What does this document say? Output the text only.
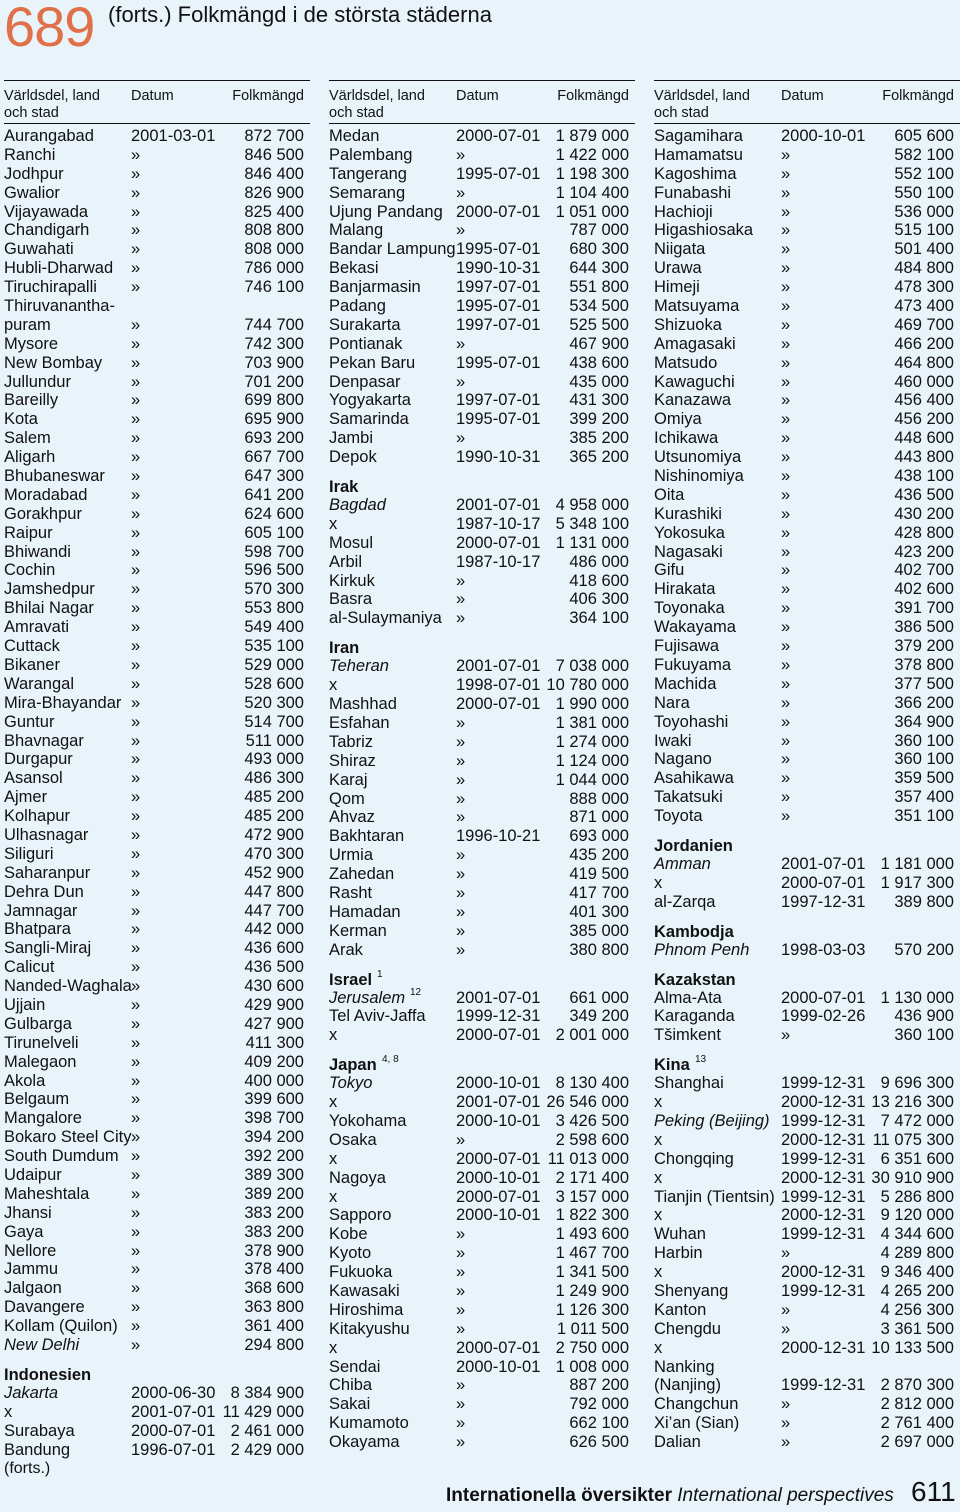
689 (forts.) Folkmängd i de största städerna
Världsdel, land
och stad
Datum
Folkmängd
Aurangabad 2001-03-01 872 700
Ranchi	»	846 500
Jodhpur	»	846 400
Gwalior	»	826 900
Vijayawada	»	825 400
Chandigarh	»	808 800
Guwahati	»	808 000
Hubli-Dharwad »	786 000
Tiruchirapalli »	746 100
Thiruvanantha-
puram	»	744 700
Mysore	»	742 300
New Bombay »	703 900
Jullundur	»	701 200
Bareilly	»	699 800
Kota	»	695 900
Salem	»	693 200
Aligarh	»	667 700
Bhubaneswar »	647 300
Moradabad	»	641 200
Gorakhpur	»	624 600
Raipur	»	605 100
Bhiwandi	»	598 700
Cochin	»	596 500
Jamshedpur »	570 300
Bhilai Nagar »	553 800
Amravati	»	549 400
Cuttack	»	535 100
Bikaner	»	529 000
Warangal	»	528 600
Mira-Bhayandar »	520 300
Guntur	»	514 700
Bhavnagar	»	511 000
Durgapur	»	493 000
Asansol	»	486 300
Ajmer	»	485 200
Kolhapur	»	485 200
Ulhasnagar	»	472 900
Siliguri	»	470 300
Saharanpur »	452 900
Dehra Dun	»	447 800
Jamnagar	»	447 700
Bhatpara	»	442 000
Sangli-Miraj »	436 600
Calicut	»	436 500
Nanded-Waghala »	430 600
Ujjain	»	429 900
Gulbarga	»	427 900
Tirunelveli	»	411 300
Malegaon	»	409 200
Akola	»	400 000
Belgaum	»	399 600
Mangalore	»	398 700
Bokaro Steel City »	394 200
South Dumdum »	392 200
Udaipur	»	389 300
Maheshtala	»	389 200
Jhansi	»	383 200
Gaya	»	383 200
Nellore	»	378 900
Jammu	»	378 400
Jalgaon	»	368 600
Davangere	»	363 800
Kollam (Quilon) »	361 400
New Delhi	»	294 800
Indonesien
Jakarta	2000-06-30 8 384 900
x	2001-07-01 11 429 000
Surabaya	2000-07-01 2 461 000
Bandung	1996-07-01 2 429 000
Världsdel, land
och stad
Datum
Folkmängd
Medan	2000-07-01 1 879 000
Palembang	»	1 422 000
Tangerang	1995-07-01 1 198 300
Semarang	»	1 104 400
Ujung Pandang 2000-07-01 1 051 000
Malang	»	787 000
Bandar Lampung 1995-07-01 680 300
Bekasi	1990-10-31 644 300
Banjarmasin 1997-07-01 551 800
Padang	1995-07-01 534 500
Surakarta	1997-07-01 525 500
Pontianak	»	467 900
Pekan Baru 1995-07-01 438 600
Denpasar	»	435 000
Yogyakarta	1997-07-01 431 300
Samarinda	1995-07-01 399 200
Jambi	»	385 200
Depok	1990-10-31 365 200
Irak
Bagdad	2001-07-01 4 958 000
x	1987-10-17 5 348 100
Mosul	2000-07-01 1 131 000
Arbil	1987-10-17 486 000
Kirkuk	»	418 600
Basra	»	406 300
al-Sulaymaniya »	364 100
Iran
Teheran	2001-07-01 7 038 000
x	1998-07-01 10 780 000
Mashhad	2000-07-01 1 990 000
Esfahan	»	1 381 000
Tabriz	»	1 274 000
Shiraz	»	1 124 000
Karaj	»	1 044 000
Qom	»	888 000
Ahvaz	»	871 000
Bakhtaran	1996-10-21 693 000
Urmia	»	435 200
Zahedan	»	419 500
Rasht	»	417 700
Hamadan	»	401 300
Kerman	»	385 000
Arak	»	380 800
Israel 1
Jerusalem 12 2001-07-01 661 000
Tel Aviv-Jaffa 1999-12-31 349 200
x	2000-07-01 2 001 000
Japan 4, 8
Tokyo	2000-10-01 8 130 400
x	2001-07-01 26 546 000
Yokohama	2000-10-01 3 426 500
Osaka	»	2 598 600
x	2000-07-01 11 013 000
Nagoya	2000-10-01 2 171 400
x	2000-07-01 3 157 000
Sapporo	2000-10-01 1 822 300
Kobe	»	1 493 600
Kyoto	»	1 467 700
Fukuoka	»	1 341 500
Kawasaki	»	1 249 900
Hiroshima	»	1 126 300
Kitakyushu	»	1 011 500
x	2000-07-01 2 750 000
Sendai	2000-10-01 1 008 000
Chiba	»	887 200
Sakai	»	792 000
Kumamoto	»	662 100
Okayama	»	626 500
Världsdel, land
och stad
Datum
Folkmängd
Sagamihara 2000-10-01 605 600
Hamamatsu »	582 100
Kagoshima	»	552 100
Funabashi	»	550 100
Hachioji	»	536 000
Higashiosaka »	515 100
Niigata	»	501 400
Urawa	»	484 800
Himeji	»	478 300
Matsuyama	»	473 400
Shizuoka	»	469 700
Amagasaki	»	466 200
Matsudo	»	464 800
Kawaguchi	»	460 000
Kanazawa	»	456 400
Omiya	»	456 200
Ichikawa	»	448 600
Utsunomiya »	443 800
Nishinomiya »	438 100
Oita	»	436 500
Kurashiki	»	430 200
Yokosuka	»	428 800
Nagasaki	»	423 200
Gifu	»	402 700
Hirakata	»	402 600
Toyonaka	»	391 700
Wakayama	»	386 500
Fujisawa	»	379 200
Fukuyama	»	378 800
Machida	»	377 500
Nara	»	366 200
Toyohashi	»	364 900
Iwaki	»	360 100
Nagano	»	360 100
Asahikawa	»	359 500
Takatsuki	»	357 400
Toyota	»	351 100
Jordanien
Amman	2001-07-01 1 181 000
x	2000-07-01 1 917 300
al-Zarqa	1997-12-31 389 800
Kambodja
Phnom Penh 1998-03-03 570 200
Kazakstan
Alma-Ata	2000-07-01 1 130 000
Karaganda	1999-02-26 436 900
Tšimkent	»	360 100
Kina 13
Shanghai	1999-12-31 9 696 300
x	2000-12-31 13 216 300
Peking (Beijing) 1999-12-31 7 472 000
x	2000-12-31 11 075 300
Chongqing	1999-12-31 6 351 600
x	2000-12-31 30 910 900
Tianjin (Tientsin) 1999-12-31 5 286 800
x	2000-12-31 9 120 000
Wuhan	1999-12-31 4 344 600
Harbin	»	4 289 800
x	2000-12-31 9 346 400
Shenyang	1999-12-31 4 265 200
Kanton	»	4 256 300
Chengdu	»	3 361 500
x	2000-12-31 10 133 500
Nanking
(Nanjing)	1999-12-31 2 870 300
Changchun	»	2 812 000
Xi’an (Sian)	»	2 761 400
Dalian	»	2 697 000
(forts.)
Internationella översikter International perspectives
611
